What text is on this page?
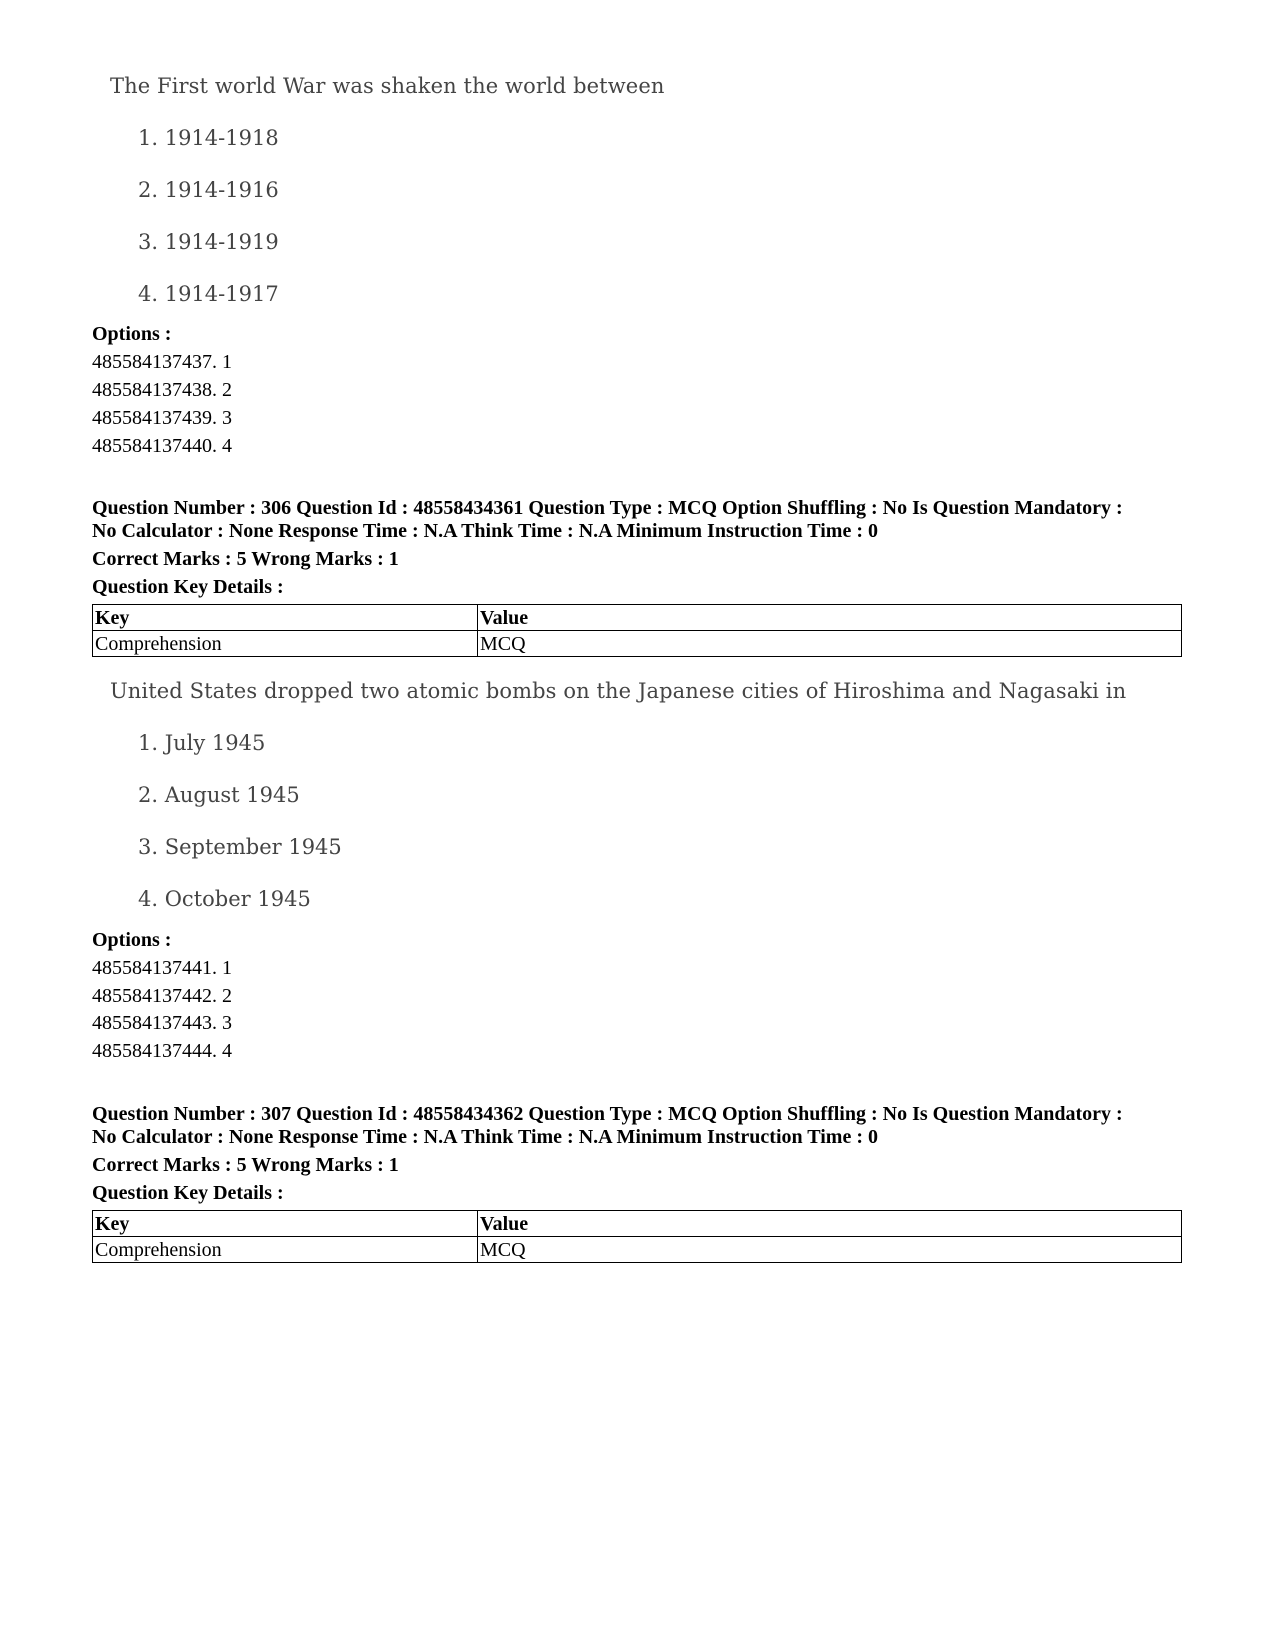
The First world War was shaken the world between
1. 1914-1918
2. 1914-1916
3. 1914-1919
4. 1914-1917
Options :
485584137437. 1
485584137438. 2
485584137439. 3
485584137440. 4
Question Number : 306 Question Id : 48558434361 Question Type : MCQ Option Shuffling : No Is Question Mandatory :
No Calculator : None Response Time : N.A Think Time : N.A Minimum Instruction Time : 0
Correct Marks : 5 Wrong Marks : 1
Question Key Details :
Key	Value
Comprehension	MCQ
United States dropped two atomic bombs on the Japanese cities of Hiroshima and Nagasaki in
1. July 1945
2. August 1945
3. September 1945
4. October 1945
Options :
485584137441. 1
485584137442. 2
485584137443. 3
485584137444. 4
Question Number : 307 Question Id : 48558434362 Question Type : MCQ Option Shuffling : No Is Question Mandatory :
No Calculator : None Response Time : N.A Think Time : N.A Minimum Instruction Time : 0
Correct Marks : 5 Wrong Marks : 1
Question Key Details :
Key	Value
Comprehension	MCQ
